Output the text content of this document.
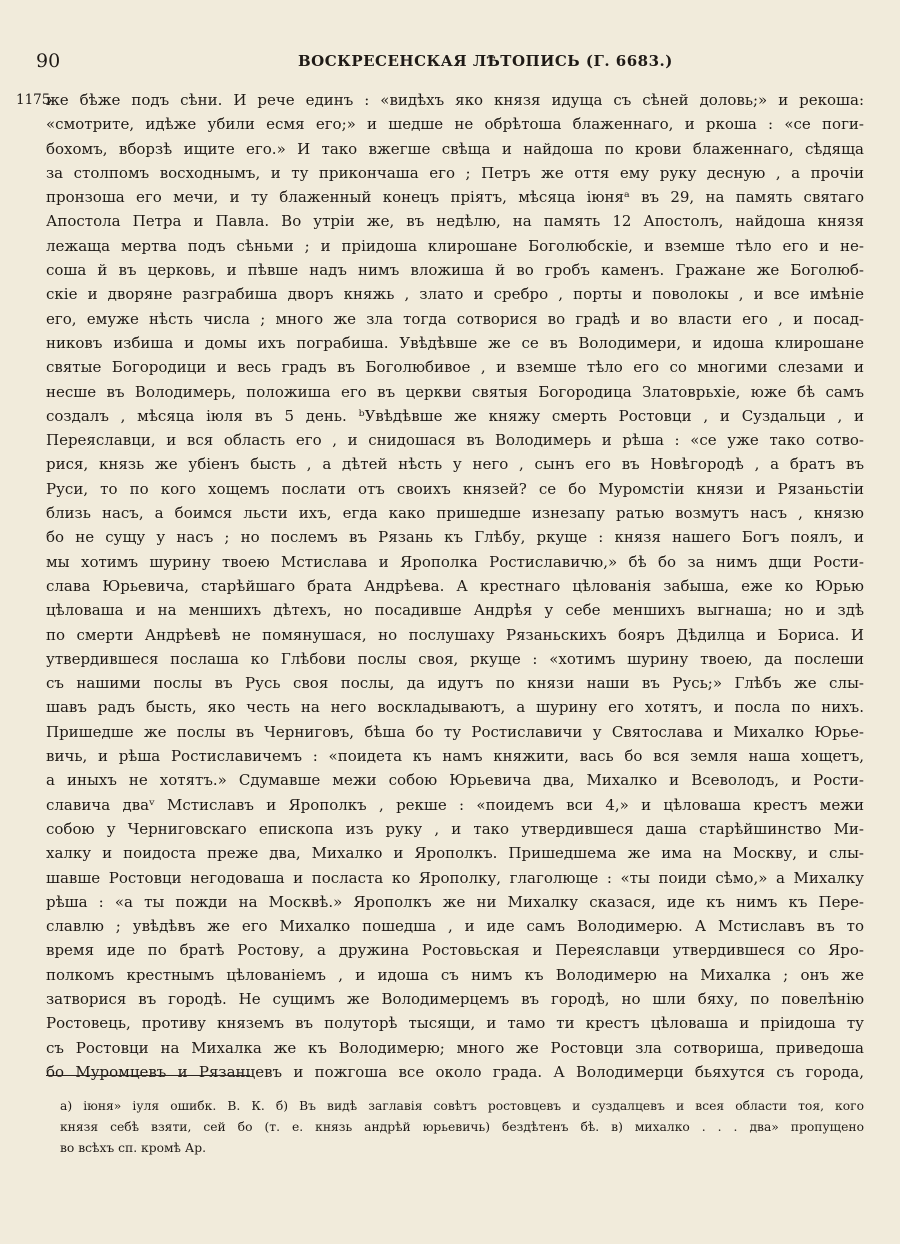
90	ВОСКРЕСЕНСКАЯ ЛѢТОПИСЬ (Г. 6683.)
1175
же бѣже подъ сѣни. И рече единъ : «видѣхъ яко князя идуща съ сѣней доловь;» и рекоша:
«смотрите, идѣже убили есмя его;» и шедше не обрѣтоша блаженнаго, и ркоша : «се поги-
бохомъ, вборзѣ ищите его.» И тако вжегше свѣща и найдоша по крови блаженнаго, сѣдяща
за столпомъ восходнымъ, и ту прикончаша его ; Петръ же оття ему руку десную , а прочіи
пронзоша его мечи, и ту блаженный конецъ пріятъ, мѣсяца іюняᵃ въ 29, на память святаго
Апостола Петра и Павла. Во утріи же, въ недѣлю, на память 12 Апостолъ, найдоша князя
лежаща мертва подъ сѣньми ; и пріидоша клирошане Боголюбскіе, и вземше тѣло его и не-
соша й въ церковь, и пѣвше надъ нимъ вложиша й во гробъ каменъ. Гражане же Боголюб-
скіе и дворяне разграбиша дворъ княжь , злато и сребро , порты и поволокы , и все имѣніе
его, емуже нѣсть числа ; много же зла тогда сотворися во градѣ и во власти его , и посад-
никовъ избиша и домы ихъ пограбиша. Увѣдѣвше же се въ Володимери, и идоша клирошане
святые Богородици и весь градъ въ Боголюбивое , и вземше тѣло его со многими слезами и
несше въ Володимерь, положиша его въ церкви святыя Богородица Златоврьхіе, юже бѣ самъ
создалъ , мѣсяца іюля въ 5 день. ᵇУвѣдѣвше же княжу смерть Ростовци , и Суздальци , и
Переяславци, и вся область его , и снидошася въ Володимерь и рѣша : «се уже тако сотво-
рися, князь же убіенъ бысть , а дѣтей нѣсть у него , сынъ его въ Новѣгородѣ , а братъ въ
Руси, то по кого хощемъ послати отъ своихъ князей? се бо Муромстіи князи и Рязаньстіи
близь насъ, а боимся льсти ихъ, егда како пришедше изнезапу ратью возмутъ насъ , князю
бо не сущу у насъ ; но послемъ въ Рязань къ Глѣбу, ркуще : князя нашего Богъ поялъ, и
мы хотимъ шурину твоею Мстислава и Ярополка Ростиславичю,» бѣ бо за нимъ дщи Рости-
слава Юрьевича, старѣйшаго брата Андрѣева. А крестнаго цѣлованія забыша, еже ко Юрью
цѣловаша и на меншихъ дѣтехъ, но посадивше Андрѣя у себе меншихъ выгнаша; но и здѣ
по смерти Андрѣевѣ не помянушася, но послушаху Рязаньскихъ бояръ Дѣдилца и Бориса. И
утвердившеся послаша ко Глѣбови послы своя, ркуще : «хотимъ шурину твоею, да послеши
съ нашими послы въ Русь своя послы, да идутъ по князи наши въ Русь;» Глѣбъ же слы-
шавъ радъ бысть, яко честь на него воскладываютъ, а шурину его хотятъ, и посла по нихъ.
Пришедше же послы въ Черниговъ, бѣша бо ту Ростиславичи у Святослава и Михалко Юрье-
вичь, и рѣша Ростиславичемъ : «поидета къ намъ княжити, вась бо вся земля наша хощетъ,
а иныхъ не хотятъ.» Сдумавше межи собою Юрьевича два, Михалко и Всеволодъ, и Рости-
славича дваᵛ Мстиславъ и Ярополкъ , рекше : «поидемъ вси 4,» и цѣловаша крестъ межи
собою у Черниговскаго епископа изъ руку , и тако утвердившеся даша старѣйшинство Ми-
халку и поидоста преже два, Михалко и Ярополкъ. Пришедшема же има на Москву, и слы-
шавше Ростовци негодоваша и посласта ко Ярополку, глаголюще : «ты поиди сѣмо,» а Михалку
рѣша : «а ты пожди на Москвѣ.» Ярополкъ же ни Михалку сказася, иде къ нимъ къ Пере-
славлю ; увѣдѣвъ же его Михалко пошедша , и иде самъ Володимерю. А Мстиславъ въ то
время иде по братѣ Ростову, а дружина Ростовьская и Переяславци утвердившеся со Яро-
полкомъ крестнымъ цѣлованіемъ , и идоша съ нимъ къ Володимерю на Михалка ; онъ же
затворися въ городѣ. Не сущимъ же Володимерцемъ въ городѣ, но шли бяху, по повелѣнію
Ростовець, противу княземъ въ полуторѣ тысящи, и тамо ти крестъ цѣловаша и пріидоша ту
съ Ростовци на Михалка же къ Володимерю; много же Ростовци зла сотвориша, приведоша
бо Муромцевъ и Рязанцевъ и пожгоша все около града. А Володимерци бьяхутся съ города,
а) іюня» іуля ошибк. В. К. б) Въ видѣ заглавія совѣтъ ростовцевъ и суздалцевъ и всея области тоя, кого
князя себѣ взяти, сей бо (т. е. князь андрѣй юрьевичь) бездѣтенъ бѣ. в) михалко . . . два» пропущено
во всѣхъ сп. кромѣ Ар.
